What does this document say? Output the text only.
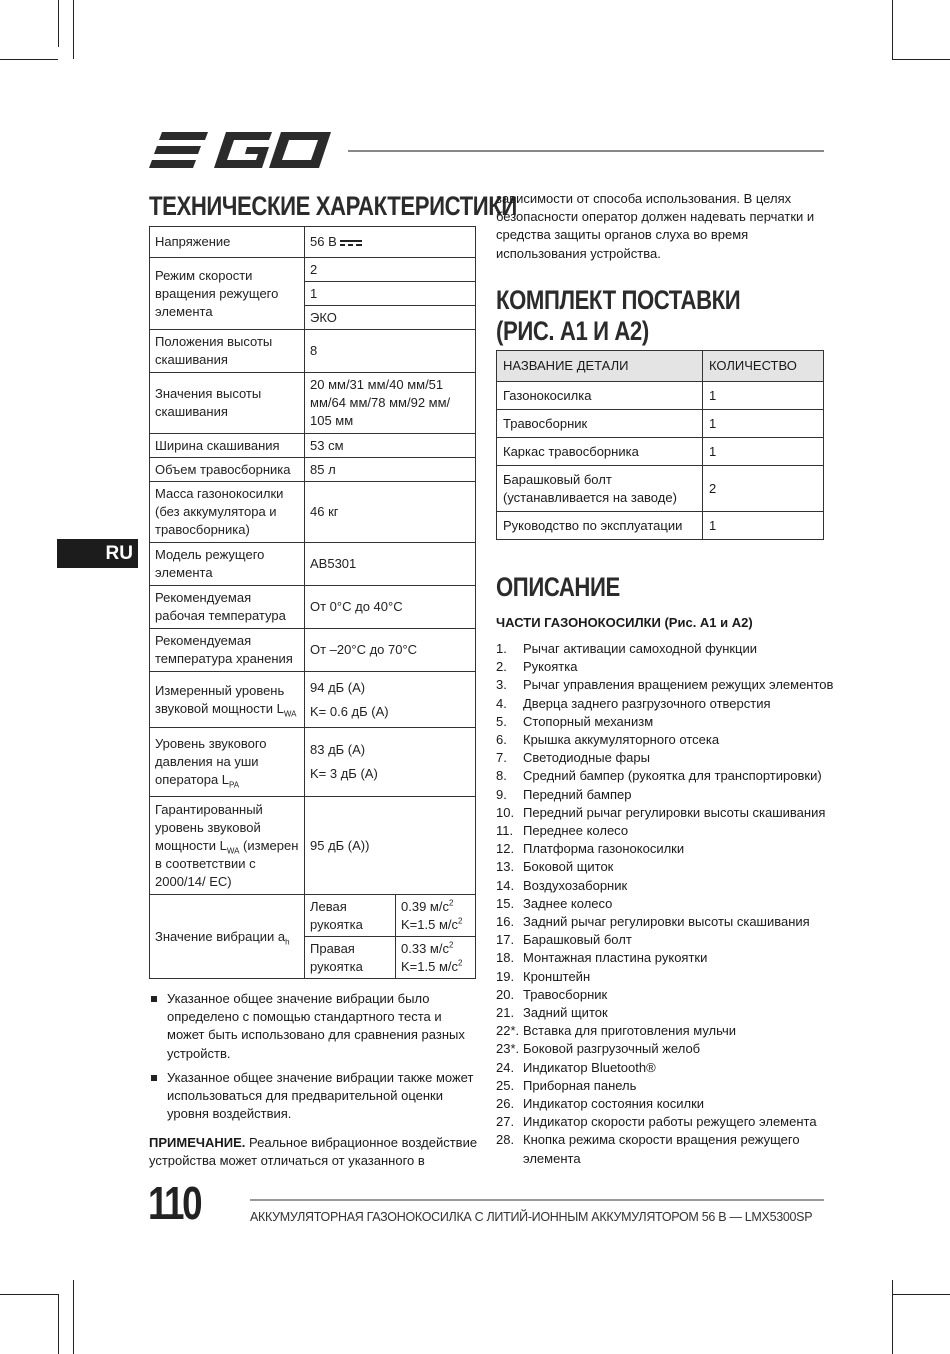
RU
ТЕХНИЧЕСКИЕ ХАРАКТЕРИСТИКИ
Напряжение	56 В	
Режим скорости вращения режущего элемента	2	
	1	
	ЭКО	
Положения высоты скашивания	8	
Значения высоты скашивания	20 мм/31 мм/40 мм/51 мм/64 мм/78 мм/92 мм/ 105 мм	
Ширина скашивания	53 см	
Объем травосборника	85 л	
Масса газонокосилки (без аккумулятора и травосборника)	46 кг	
Модель режущего элемента	AB5301	
Рекомендуемая рабочая температура	От 0°C до 40°C	
Рекомендуемая температура хранения	От –20°C до 70°C	
Измеренный уровень звуковой мощности $L_{WA}$	94 дБ (А)
K= 0.6 дБ (А)	

Уровень звукового давления на уши оператора $L_{PA}$	83 дБ (А)
K= 3 дБ (А)	

Гарантированный уровень звуковой мощности $L_{WA}$ (измерен в соответствии с 2000/14/ EC)	95 дБ (А))	
Значение вибрации $a_h$	Левая рукоятка	0.39 $м/с^2$
K=1.5 $м/с^2$

	Правая рукоятка	0.33 $м/с^2$
K=1.5 $м/с^2$
Указанное общее значение вибрации было определено с помощью стандартного теста и может быть использовано для сравнения разных устройств.
Указанное общее значение вибрации также может использоваться для предварительной оценки уровня воздействия.
ПРИМЕЧАНИЕ. Реальное вибрационное воздействие устройства может отличаться от указанного в
зависимости от способа использования. В целях безопасности оператор должен надевать перчатки и средства защиты органов слуха во время использования устройства.
КОМПЛЕКТ ПОСТАВКИ
(РИС. A1 И A2)
НАЗВАНИЕ ДЕТАЛИ	КОЛИЧЕСТВО
Газонокосилка	1
Травосборник	1
Каркас травосборника	1
Барашковый болт (устанавливается на заводе)	2
Руководство по эксплуатации	1
ОПИСАНИЕ
ЧАСТИ ГАЗОНОКОСИЛКИ (Рис. A1 и A2)
1.	Рычаг активации самоходной функции
2.	Рукоятка
3.	Рычаг управления вращением режущих элементов
4.	Дверца заднего разгрузочного отверстия
5.	Стопорный механизм
6.	Крышка аккумуляторного отсека
7.	Светодиодные фары
8.	Средний бампер (рукоятка для транспортировки)
9.	Передний бампер
10. Передний рычаг регулировки высоты скашивания
11. Переднее колесо
12. Платформа газонокосилки
13. Боковой щиток
14. Воздухозаборник
15. Заднее колесо
16. Задний рычаг регулировки высоты скашивания
17. Барашковый болт
18. Монтажная пластина рукоятки
19. Кронштейн
20. Травосборник
21. Задний щиток
22*. Вставка для приготовления мульчи
23*. Боковой разгрузочный желоб
24. Индикатор Bluetooth®
25. Приборная панель
26. Индикатор состояния косилки
27. Индикатор скорости работы режущего элемента
28. Кнопка режима скорости вращения режущего элемента
110	АККУМУЛЯТОРНАЯ ГАЗОНОКОСИЛКА С ЛИТИЙ-ИОННЫМ АККУМУЛЯТОРОМ 56 В — LMX5300SP
